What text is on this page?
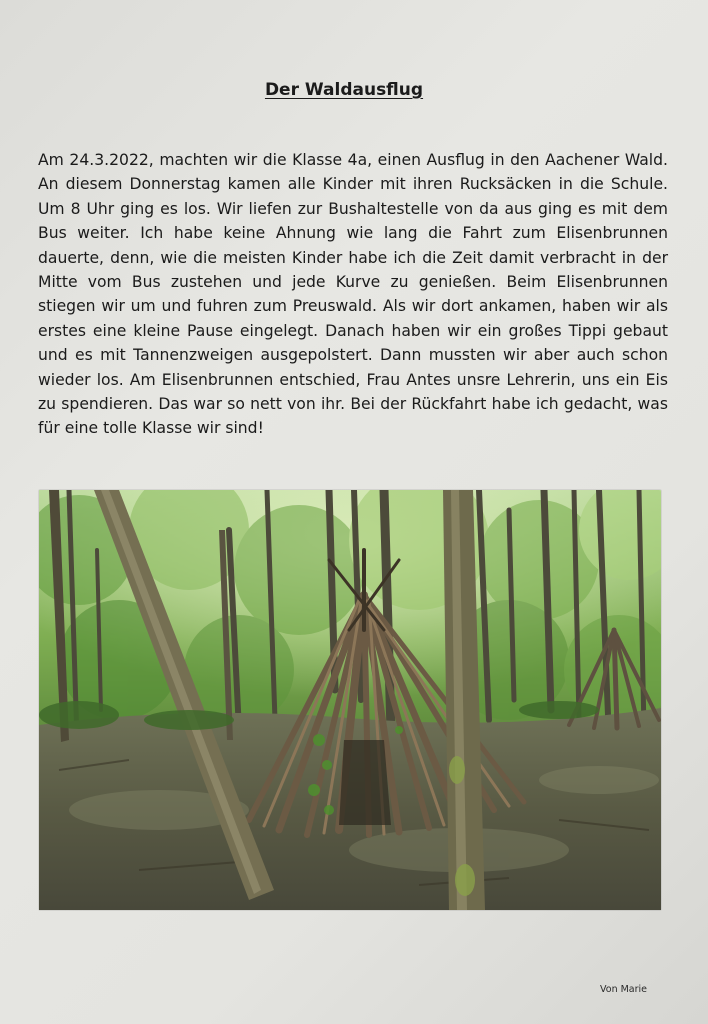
Der Waldausflug

Am 24.3.2022, machten wir die Klasse 4a, einen Ausflug in den Aachener Wald. An diesem Donnerstag kamen alle Kinder mit ihren Rucksäcken in die Schule. Um 8 Uhr ging es los. Wir liefen zur Bushaltestelle von da aus ging es mit dem Bus weiter. Ich habe keine Ahnung wie lang die Fahrt zum Elisenbrunnen dauerte, denn, wie die meisten Kinder habe ich die Zeit damit verbracht in der Mitte vom Bus zustehen und jede Kurve zu genießen. Beim Elisenbrunnen stiegen wir um und fuhren zum Preuswald. Als wir dort ankamen, haben wir als erstes eine kleine Pause eingelegt. Danach haben wir ein großes Tippi gebaut und es mit Tannenzweigen ausgepolstert. Dann mussten wir aber auch schon wieder los. Am Elisenbrunnen entschied, Frau Antes unsre Lehrerin, uns ein Eis zu spendieren. Das war so nett von ihr. Bei der Rückfahrt habe ich gedacht, was für eine tolle Klasse wir sind!

Von Marie
